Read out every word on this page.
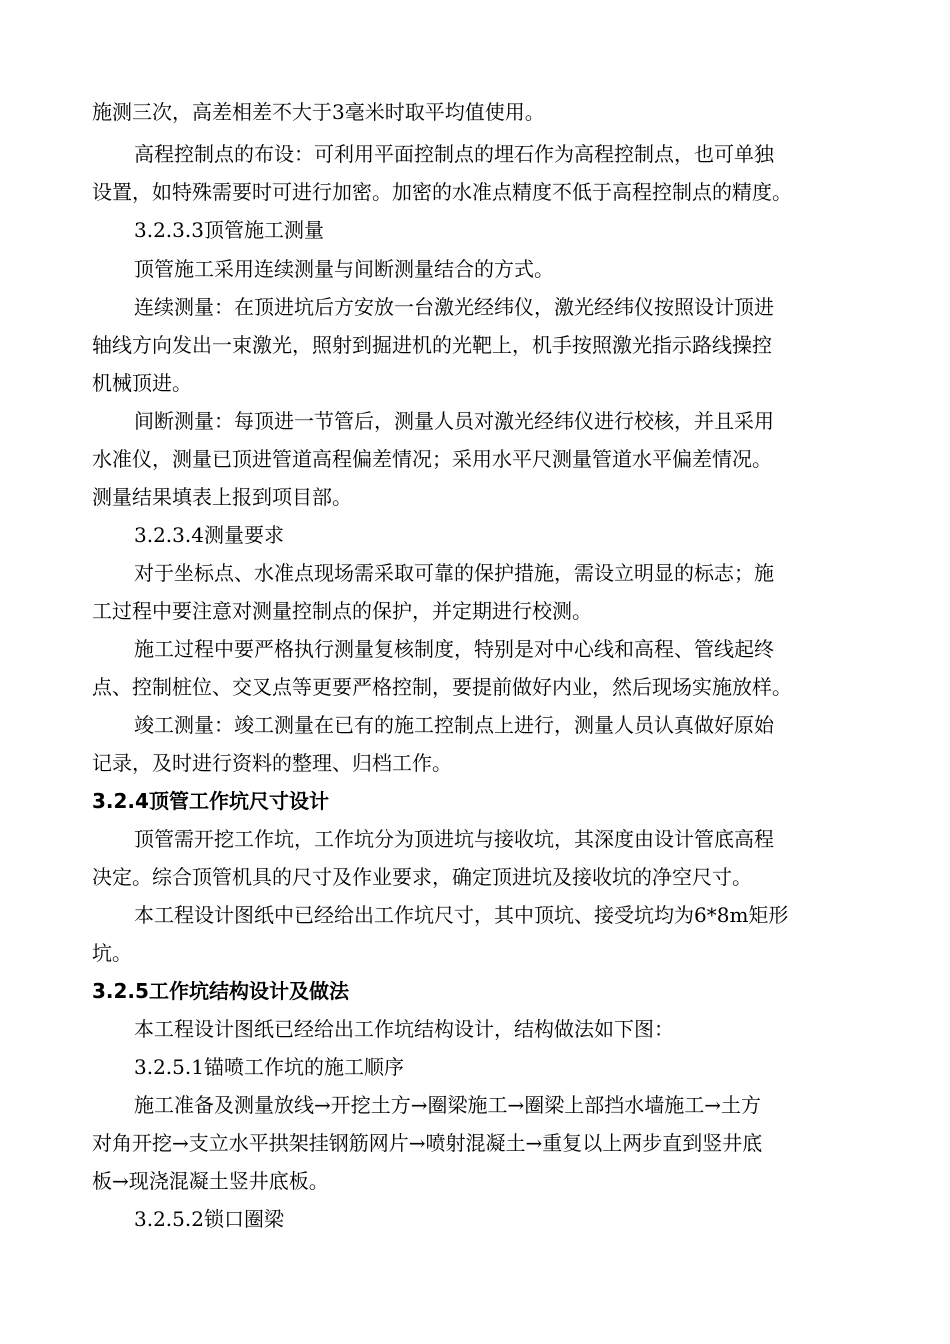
施测三次，高差相差不大于3毫米时取平均值使用。
高程控制点的布设：可利用平面控制点的埋石作为高程控制点，也可单独
设置，如特殊需要时可进行加密。加密的水准点精度不低于高程控制点的精度。
3.2.3.3顶管施工测量
顶管施工采用连续测量与间断测量结合的方式。
连续测量：在顶进坑后方安放一台激光经纬仪，激光经纬仪按照设计顶进
轴线方向发出一束激光，照射到掘进机的光靶上，机手按照激光指示路线操控
机械顶进。
间断测量：每顶进一节管后，测量人员对激光经纬仪进行校核，并且采用
水准仪，测量已顶进管道高程偏差情况；采用水平尺测量管道水平偏差情况。
测量结果填表上报到项目部。
3.2.3.4测量要求
对于坐标点、水准点现场需采取可靠的保护措施，需设立明显的标志；施
工过程中要注意对测量控制点的保护，并定期进行校测。
施工过程中要严格执行测量复核制度，特别是对中心线和高程、管线起终
点、控制桩位、交叉点等更要严格控制，要提前做好内业，然后现场实施放样。
竣工测量：竣工测量在已有的施工控制点上进行，测量人员认真做好原始
记录，及时进行资料的整理、归档工作。
3.2.4顶管工作坑尺寸设计
顶管需开挖工作坑，工作坑分为顶进坑与接收坑，其深度由设计管底高程
决定。综合顶管机具的尺寸及作业要求，确定顶进坑及接收坑的净空尺寸。
本工程设计图纸中已经给出工作坑尺寸，其中顶坑、接受坑均为6*8m矩形
坑。
3.2.5工作坑结构设计及做法
本工程设计图纸已经给出工作坑结构设计，结构做法如下图：
3.2.5.1锚喷工作坑的施工顺序
施工准备及测量放线→开挖土方→圈梁施工→圈梁上部挡水墙施工→土方
对角开挖→支立水平拱架挂钢筋网片→喷射混凝土→重复以上两步直到竖井底
板→现浇混凝土竖井底板。
3.2.5.2锁口圈梁
